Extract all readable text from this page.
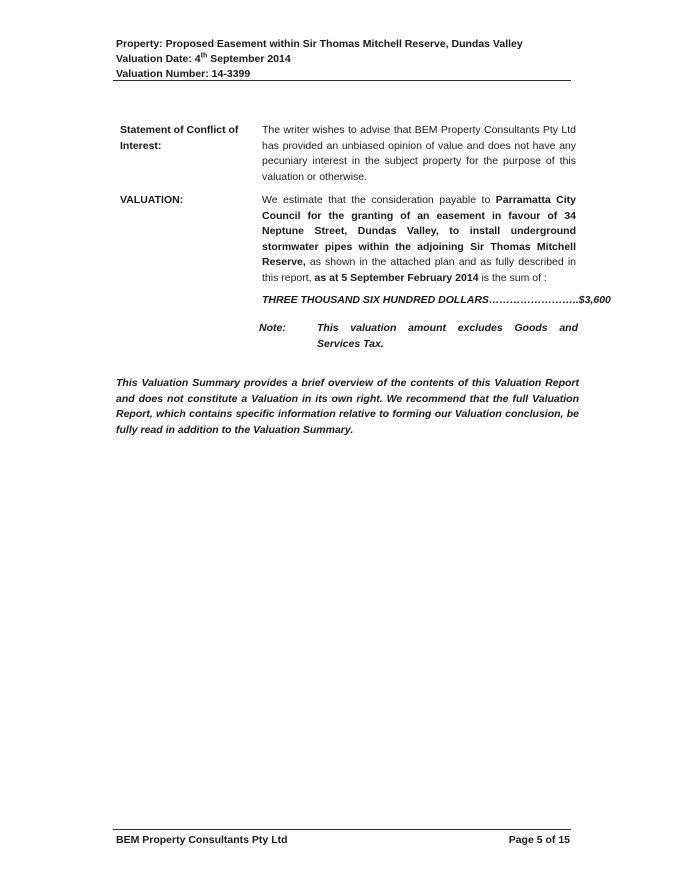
Property: Proposed Easement within Sir Thomas Mitchell Reserve, Dundas Valley
Valuation Date: 4th September 2014
Valuation Number: 14-3399
Statement of Conflict of Interest:
The writer wishes to advise that BEM Property Consultants Pty Ltd has provided an unbiased opinion of value and does not have any pecuniary interest in the subject property for the purpose of this valuation or otherwise.
VALUATION:	We estimate that the consideration payable to Parramatta City Council for the granting of an easement in favour of 34 Neptune Street, Dundas Valley, to install underground stormwater pipes within the adjoining Sir Thomas Mitchell Reserve, as shown in the attached plan and as fully described in this report, as at 5 September February 2014 is the sum of :
THREE THOUSAND SIX HUNDRED DOLLARS……………………..$3,600
Note:	This valuation amount excludes Goods and Services Tax.
This Valuation Summary provides a brief overview of the contents of this Valuation Report and does not constitute a Valuation in its own right. We recommend that the full Valuation Report, which contains specific information relative to forming our Valuation conclusion, be fully read in addition to the Valuation Summary.
BEM Property Consultants Pty Ltd	Page 5 of 15
